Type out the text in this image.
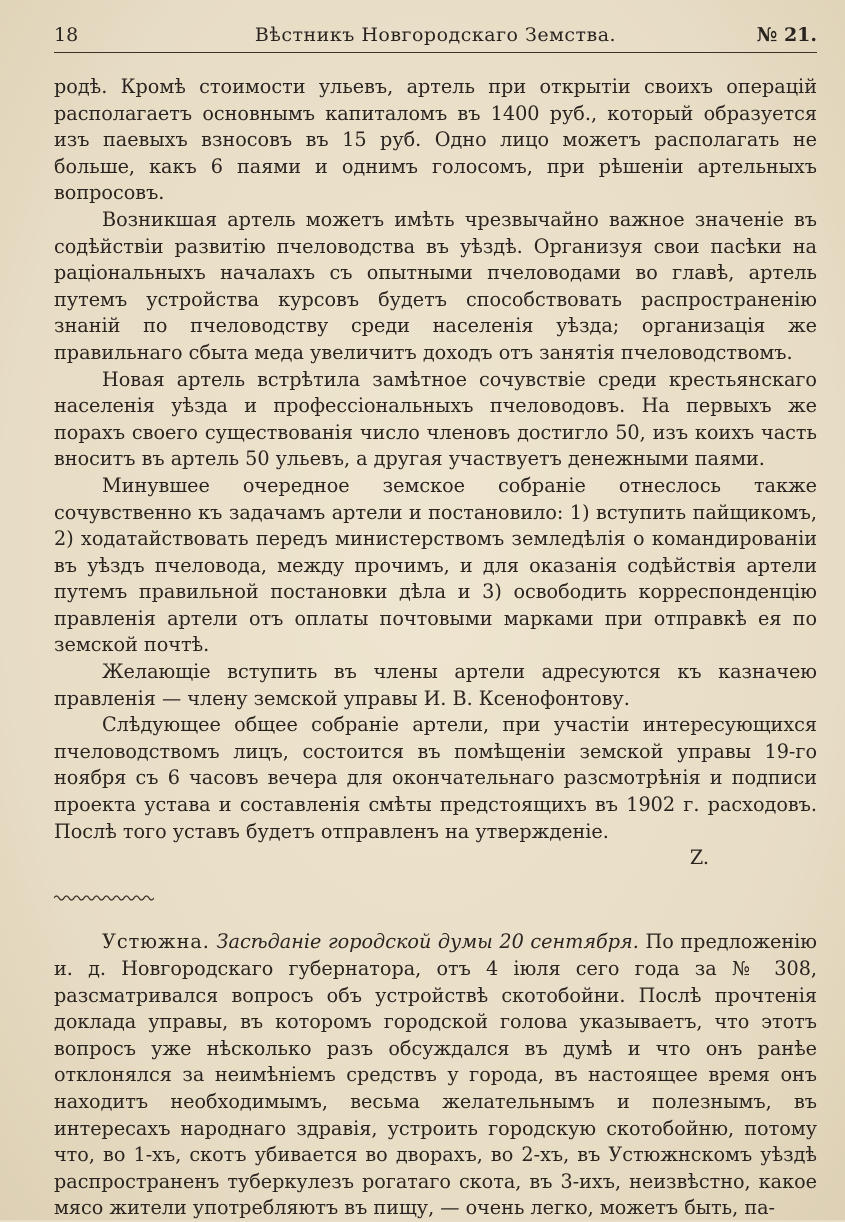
18	Вѣстникъ Новгородскаго Земства.	№ 21.

родѣ. Кромѣ стоимости ульевъ, артель при открытіи своихъ операцій располагаетъ основнымъ капиталомъ въ 1400 руб., который образуется изъ паевыхъ взносовъ въ 15 руб. Одно лицо можетъ располагать не больше, какъ 6 паями и однимъ голосомъ, при рѣшеніи артельныхъ вопросовъ.

Возникшая артель можетъ имѣть чрезвычайно важное значеніе въ содѣйствіи развитію пчеловодства въ уѣздѣ. Организуя свои пасѣки на раціональныхъ началахъ съ опытными пчеловодами во главѣ, артель путемъ устройства курсовъ будетъ способствовать распространенію знаній по пчеловодству среди населенія уѣзда; организація же правильнаго сбыта меда увеличитъ доходъ отъ занятія пчеловодствомъ.

Новая артель встрѣтила замѣтное сочувствіе среди крестьянскаго населенія уѣзда и профессіональныхъ пчеловодовъ. На первыхъ же порахъ своего существованія число членовъ достигло 50, изъ коихъ часть вноситъ въ артель 50 ульевъ, а другая участвуетъ денежными паями.

Минувшее очередное земское собраніе отнеслось также сочувственно къ задачамъ артели и постановило: 1) вступить пайщикомъ, 2) ходатайствовать передъ министерствомъ земледѣлія о командированіи въ уѣздъ пчеловода, между прочимъ, и для оказанія содѣйствія артели путемъ правильной постановки дѣла и 3) освободить корреспонденцію правленія артели отъ оплаты почтовыми марками при отправкѣ ея по земской почтѣ.

Желающіе вступить въ члены артели адресуются къ казначею правленія — члену земской управы И. В. Ксенофонтову.

Слѣдующее общее собраніе артели, при участіи интересующихся пчеловодствомъ лицъ, состоится въ помѣщеніи земской управы 19-го ноября съ 6 часовъ вечера для окончательнаго разсмотрѣнія и подписи проекта устава и составленія смѣты предстоящихъ въ 1902 г. расходовъ. Послѣ того уставъ будетъ отправленъ на утвержденіе.

Z.

Устюжна. Засѣданіе городской думы 20 сентября. По предложенію и. д. Новгородскаго губернатора, отъ 4 іюля сего года за № 308, разсматривался вопросъ объ устройствѣ скотобойни. Послѣ прочтенія доклада управы, въ которомъ городской голова указываетъ, что этотъ вопросъ уже нѣсколько разъ обсуждался въ думѣ и что онъ ранѣе отклонялся за неимѣніемъ средствъ у города, въ настоящее время онъ находитъ необходимымъ, весьма желательнымъ и полезнымъ, въ интересахъ народнаго здравія, устроить городскую скотобойню, потому что, во 1-хъ, скотъ убивается во дворахъ, во 2-хъ, въ Устюжнскомъ уѣздѣ распространенъ туберкулезъ рогатаго скота, въ 3-ихъ, неизвѣстно, какое мясо жители употребляютъ въ пищу, — очень легко, можетъ быть, па-
